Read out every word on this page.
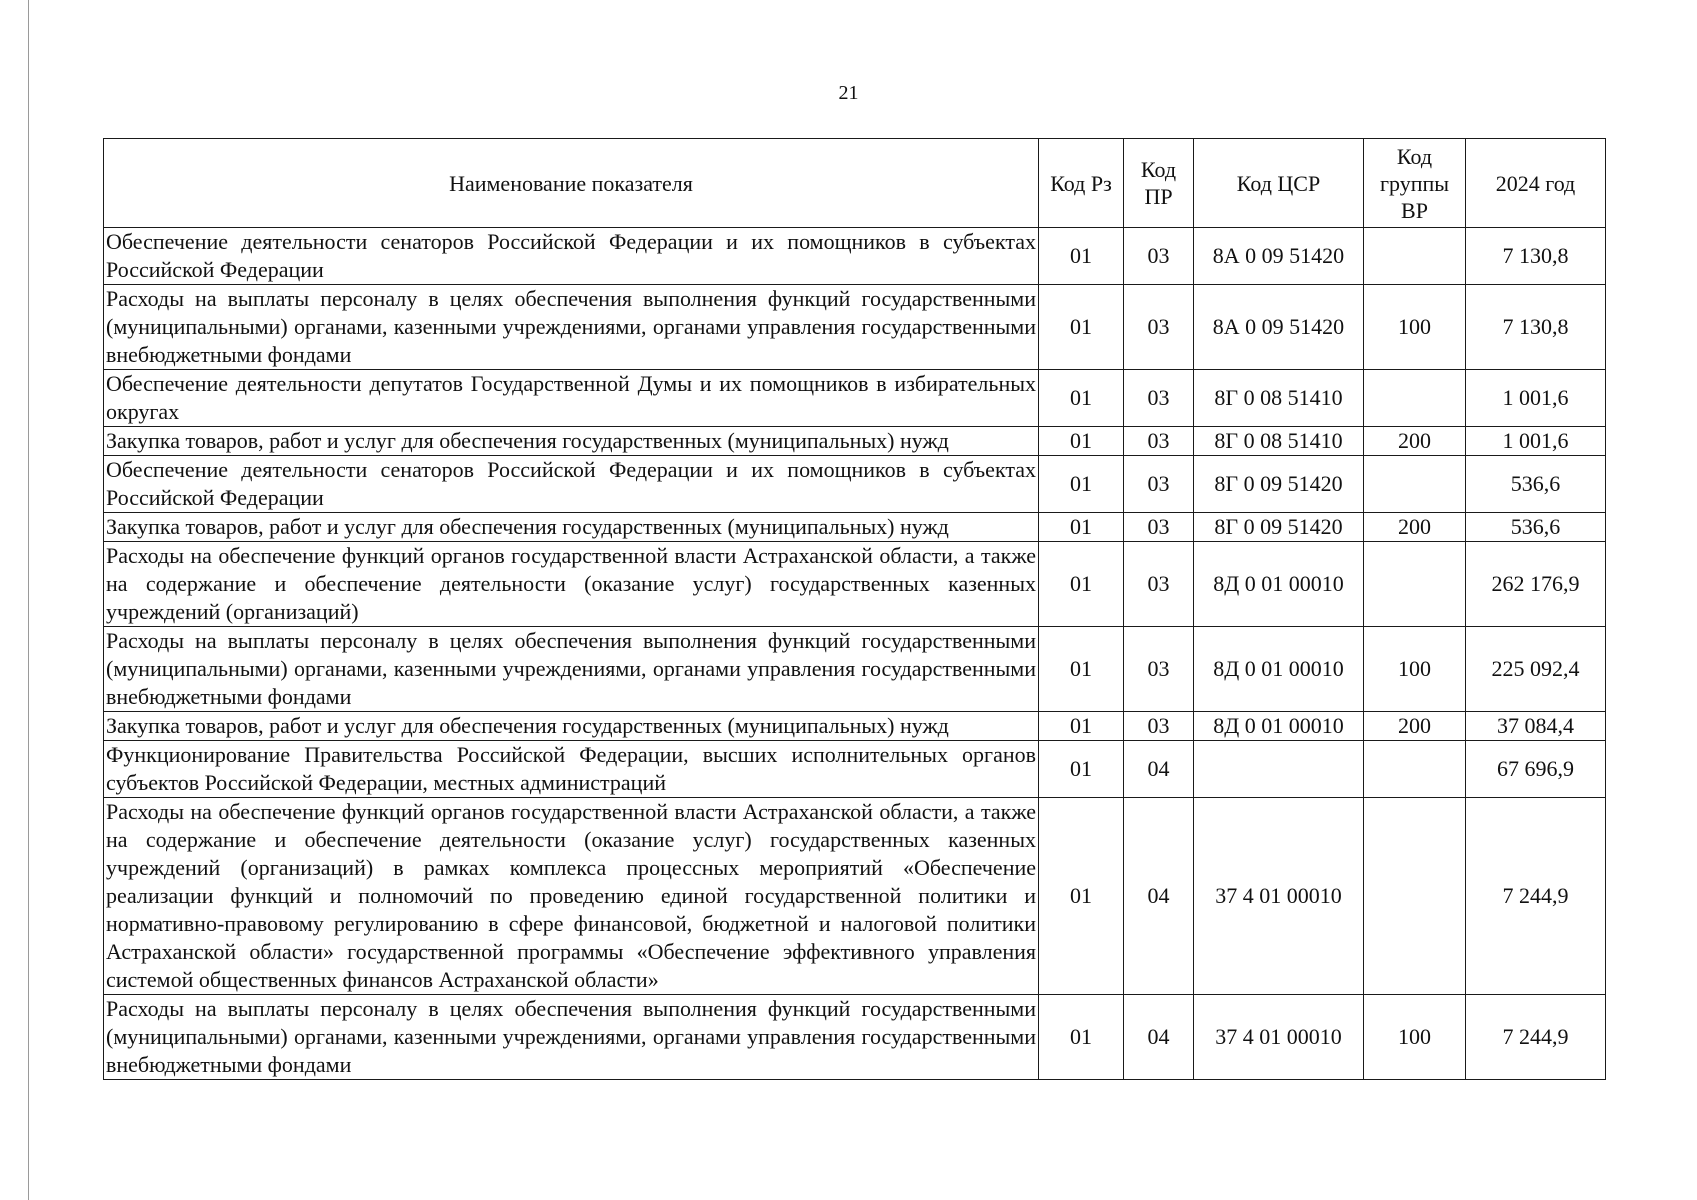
21
Наименование показателя	Код Рз	Код ПР	Код ЦСР	Код группы ВР	2024 год
Обеспечение деятельности сенаторов Российской Федерации и их помощников в субъектах Российской Федерации	01	03	8А 0 09 51420		7 130,8
Расходы на выплаты персоналу в целях обеспечения выполнения функций государственными (муниципальными) органами, казенными учреждениями, органами управления государственными внебюджетными фондами	01	03	8А 0 09 51420	100	7 130,8
Обеспечение деятельности депутатов Государственной Думы и их помощников в избирательных округах	01	03	8Г 0 08 51410		1 001,6
Закупка товаров, работ и услуг для обеспечения государственных (муниципальных) нужд	01	03	8Г 0 08 51410	200	1 001,6
Обеспечение деятельности сенаторов Российской Федерации и их помощников в субъектах Российской Федерации	01	03	8Г 0 09 51420		536,6
Закупка товаров, работ и услуг для обеспечения государственных (муниципальных) нужд	01	03	8Г 0 09 51420	200	536,6
Расходы на обеспечение функций органов государственной власти Астраханской области, а также на содержание и обеспечение деятельности (оказание услуг) государственных казенных учреждений (организаций)	01	03	8Д 0 01 00010		262 176,9
Расходы на выплаты персоналу в целях обеспечения выполнения функций государственными (муниципальными) органами, казенными учреждениями, органами управления государственными внебюджетными фондами	01	03	8Д 0 01 00010	100	225 092,4
Закупка товаров, работ и услуг для обеспечения государственных (муниципальных) нужд	01	03	8Д 0 01 00010	200	37 084,4
Функционирование Правительства Российской Федерации, высших исполнительных органов субъектов Российской Федерации, местных администраций	01	04			67 696,9
Расходы на обеспечение функций органов государственной власти Астраханской области, а также на содержание и обеспечение деятельности (оказание услуг) государственных казенных учреждений (организаций) в рамках комплекса процессных мероприятий «Обеспечение реализации функций и полномочий по проведению единой государственной политики и нормативно-правовому регулированию в сфере финансовой, бюджетной и налоговой политики Астраханской области» государственной программы «Обеспечение эффективного управления системой общественных финансов Астраханской области»	01	04	37 4 01 00010		7 244,9
Расходы на выплаты персоналу в целях обеспечения выполнения функций государственными (муниципальными) органами, казенными учреждениями, органами управления государственными внебюджетными фондами	01	04	37 4 01 00010	100	7 244,9
